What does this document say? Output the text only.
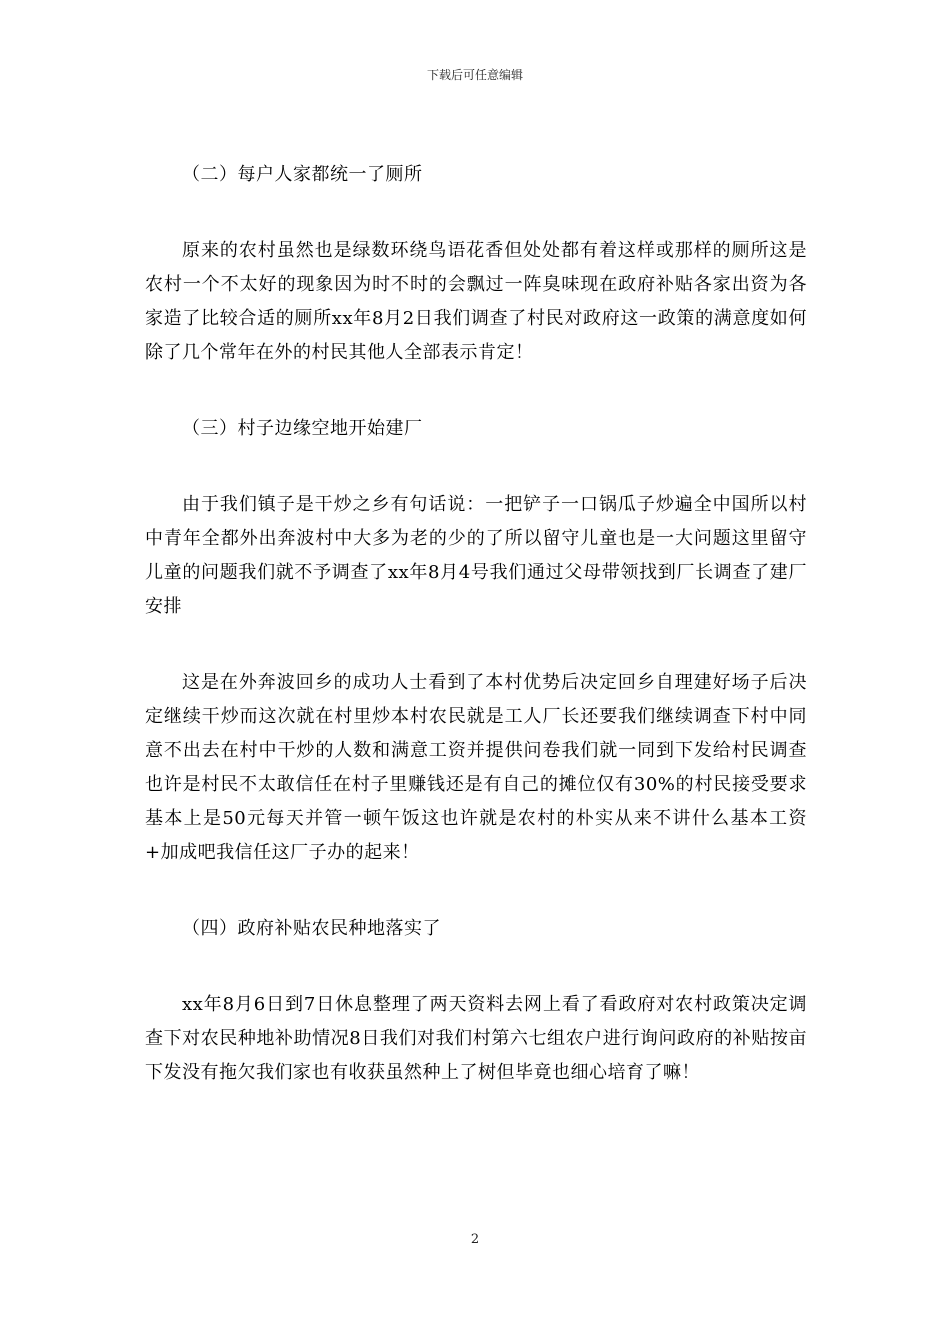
下载后可任意编辑
（二）每户人家都统一了厕所

原来的农村虽然也是绿数环绕鸟语花香但处处都有着这样或那样的厕所这是农村一个不太好的现象因为时不时的会飘过一阵臭味现在政府补贴各家出资为各家造了比较合适的厕所xx年8月2日我们调查了村民对政府这一政策的满意度如何除了几个常年在外的村民其他人全部表示肯定！

（三）村子边缘空地开始建厂

由于我们镇子是干炒之乡有句话说：一把铲子一口锅瓜子炒遍全中国所以村中青年全都外出奔波村中大多为老的少的了所以留守儿童也是一大问题这里留守儿童的问题我们就不予调查了xx年8月4号我们通过父母带领找到厂长调查了建厂安排

这是在外奔波回乡的成功人士看到了本村优势后决定回乡自理建好场子后决定继续干炒而这次就在村里炒本村农民就是工人厂长还要我们继续调查下村中同意不出去在村中干炒的人数和满意工资并提供问卷我们就一同到下发给村民调查也许是村民不太敢信任在村子里赚钱还是有自己的摊位仅有30%的村民接受要求基本上是50元每天并管一顿午饭这也许就是农村的朴实从来不讲什么基本工资+加成吧我信任这厂子办的起来！

（四）政府补贴农民种地落实了

xx年8月6日到7日休息整理了两天资料去网上看了看政府对农村政策决定调查下对农民种地补助情况8日我们对我们村第六七组农户进行询问政府的补贴按亩下发没有拖欠我们家也有收获虽然种上了树但毕竟也细心培育了嘛！

2
